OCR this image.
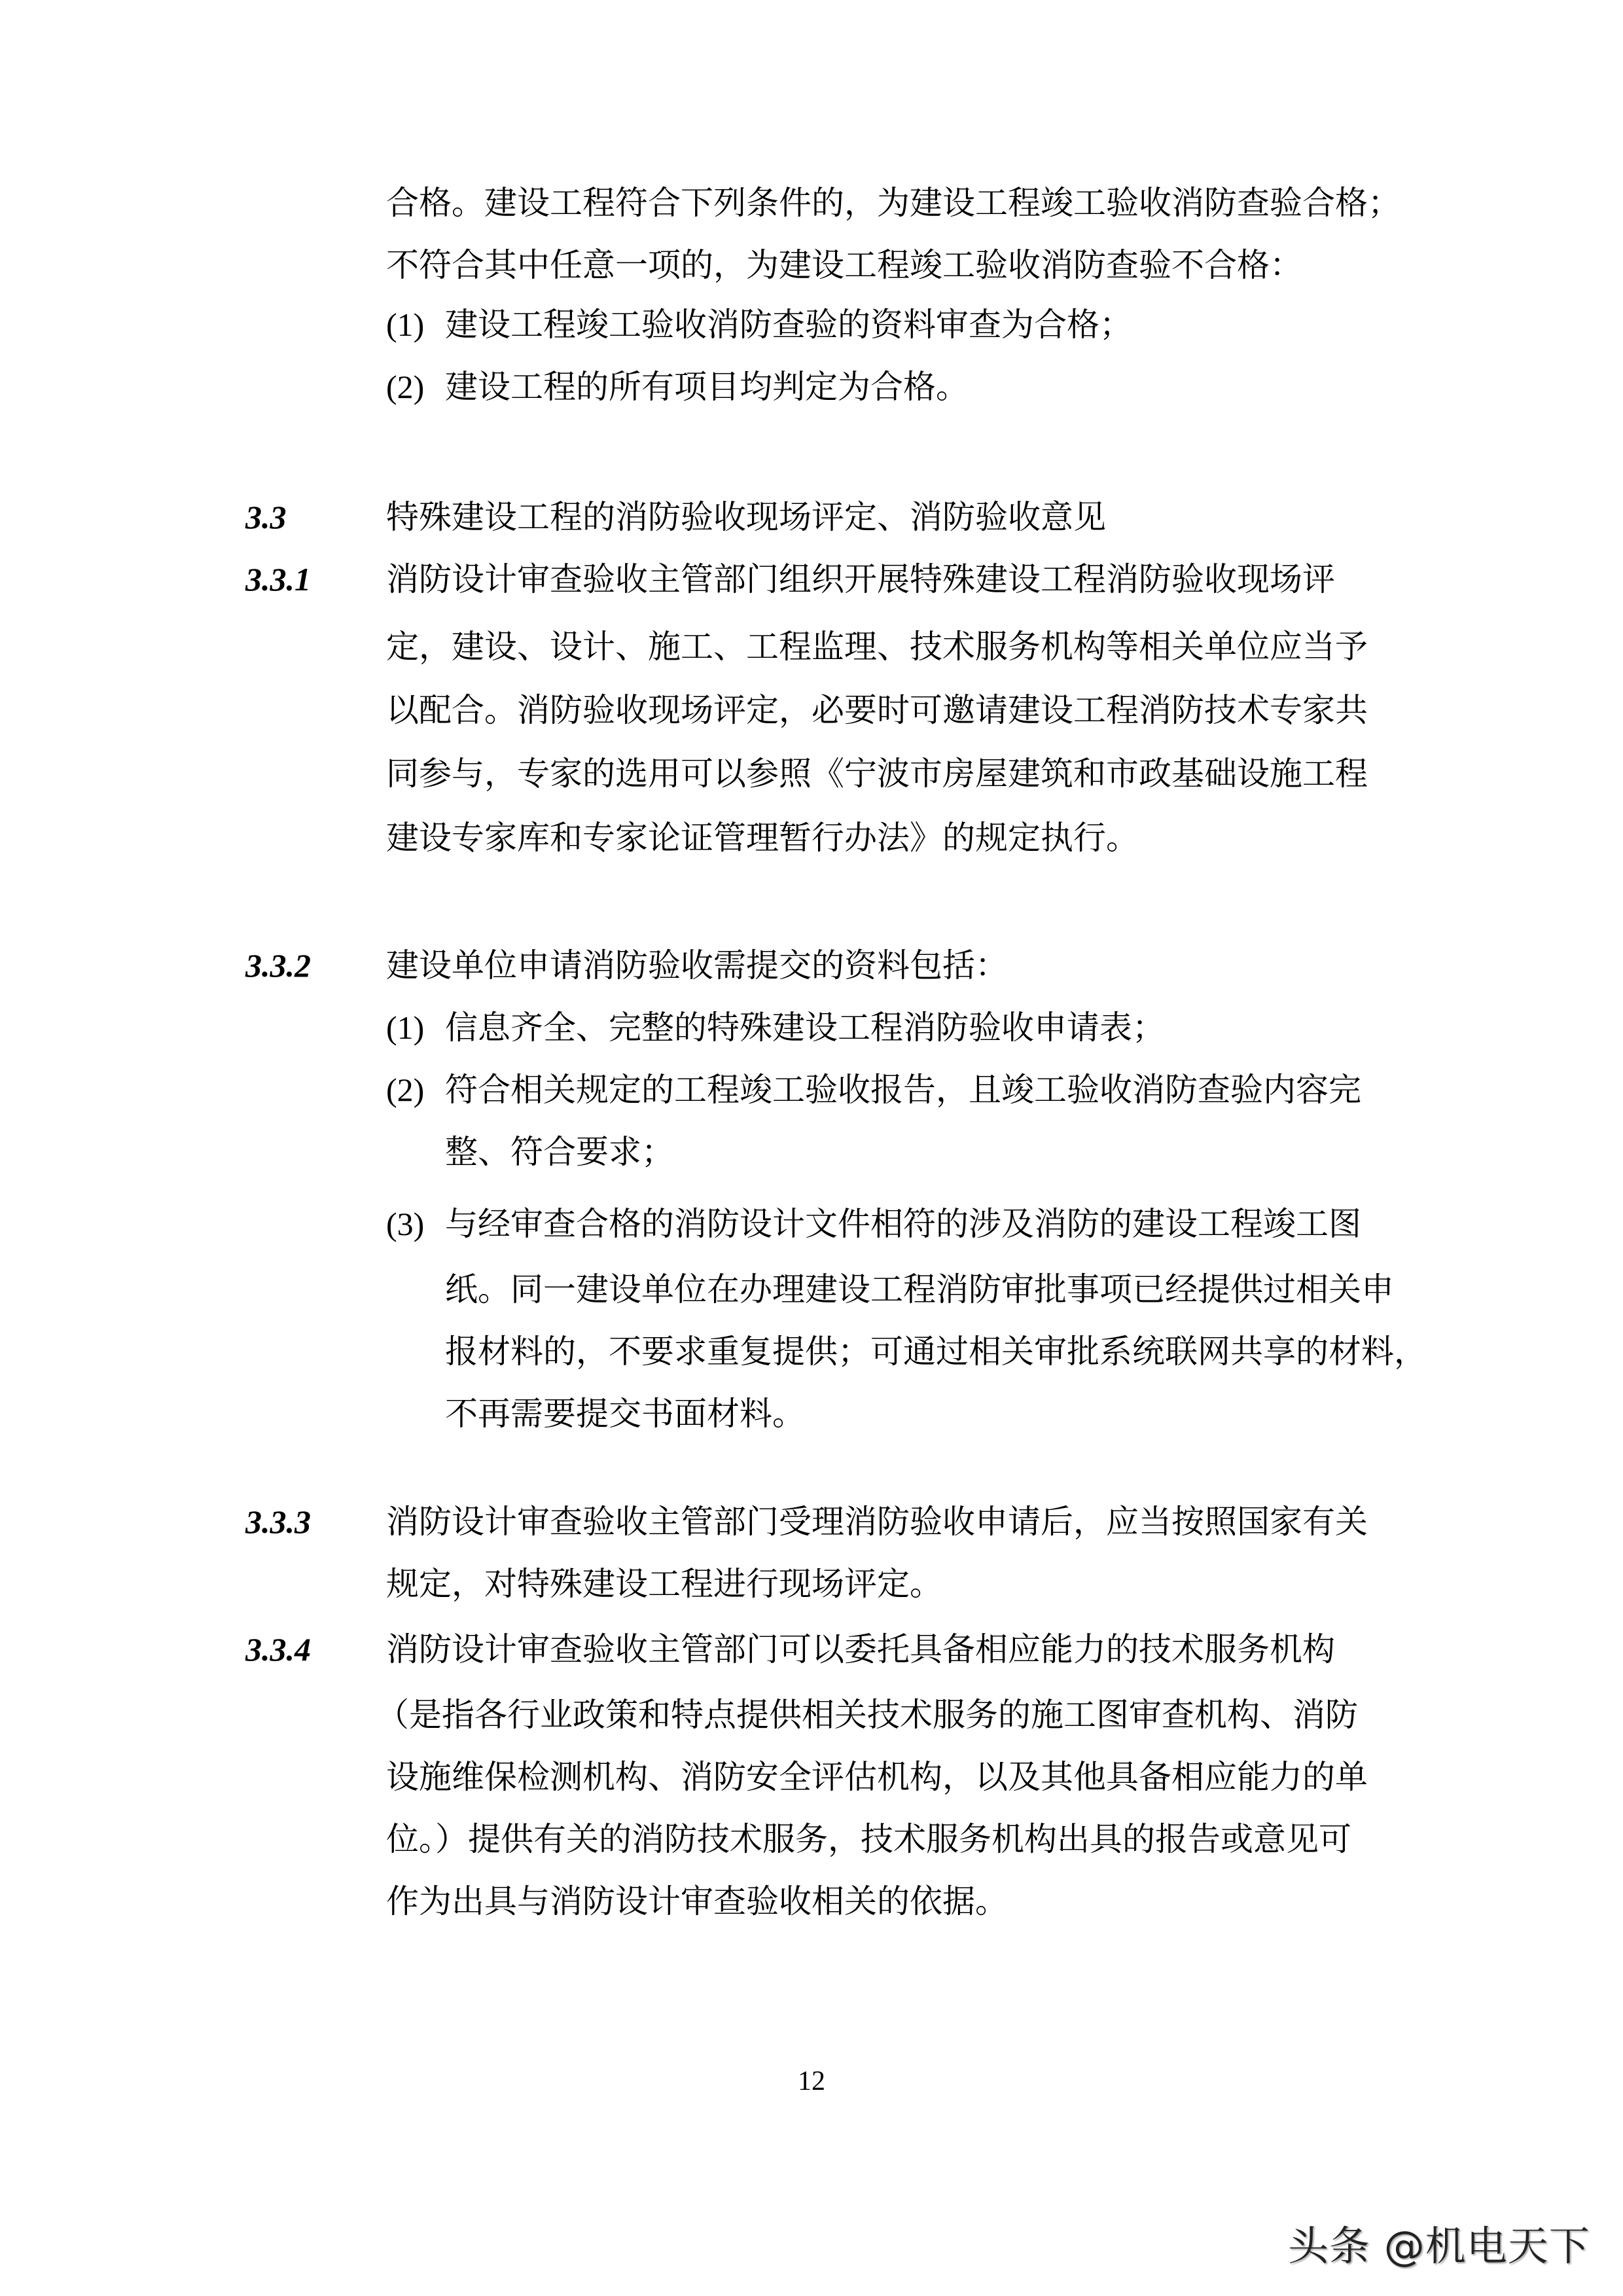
合格。建设工程符合下列条件的，为建设工程竣工验收消防查验合格；
不符合其中任意一项的，为建设工程竣工验收消防查验不合格：
(1) 建设工程竣工验收消防查验的资料审查为合格；
(2) 建设工程的所有项目均判定为合格。
3.3	特殊建设工程的消防验收现场评定、消防验收意见
3.3.1 消防设计审查验收主管部门组织开展特殊建设工程消防验收现场评
定，建设、设计、施工、工程监理、技术服务机构等相关单位应当予
以配合。消防验收现场评定，必要时可邀请建设工程消防技术专家共
同参与，专家的选用可以参照《宁波市房屋建筑和市政基础设施工程
建设专家库和专家论证管理暂行办法》的规定执行。
3.3.2 建设单位申请消防验收需提交的资料包括：
(1) 信息齐全、完整的特殊建设工程消防验收申请表；
(2) 符合相关规定的工程竣工验收报告，且竣工验收消防查验内容完
整、符合要求；
(3) 与经审查合格的消防设计文件相符的涉及消防的建设工程竣工图
纸。同一建设单位在办理建设工程消防审批事项已经提供过相关申
报材料的，不要求重复提供；可通过相关审批系统联网共享的材料，
不再需要提交书面材料。
3.3.3 消防设计审查验收主管部门受理消防验收申请后，应当按照国家有关
规定，对特殊建设工程进行现场评定。
3.3.4 消防设计审查验收主管部门可以委托具备相应能力的技术服务机构
（是指各行业政策和特点提供相关技术服务的施工图审查机构、消防
设施维保检测机构、消防安全评估机构，以及其他具备相应能力的单
位。）提供有关的消防技术服务，技术服务机构出具的报告或意见可
作为出具与消防设计审查验收相关的依据。
12
头条 @机电天下
